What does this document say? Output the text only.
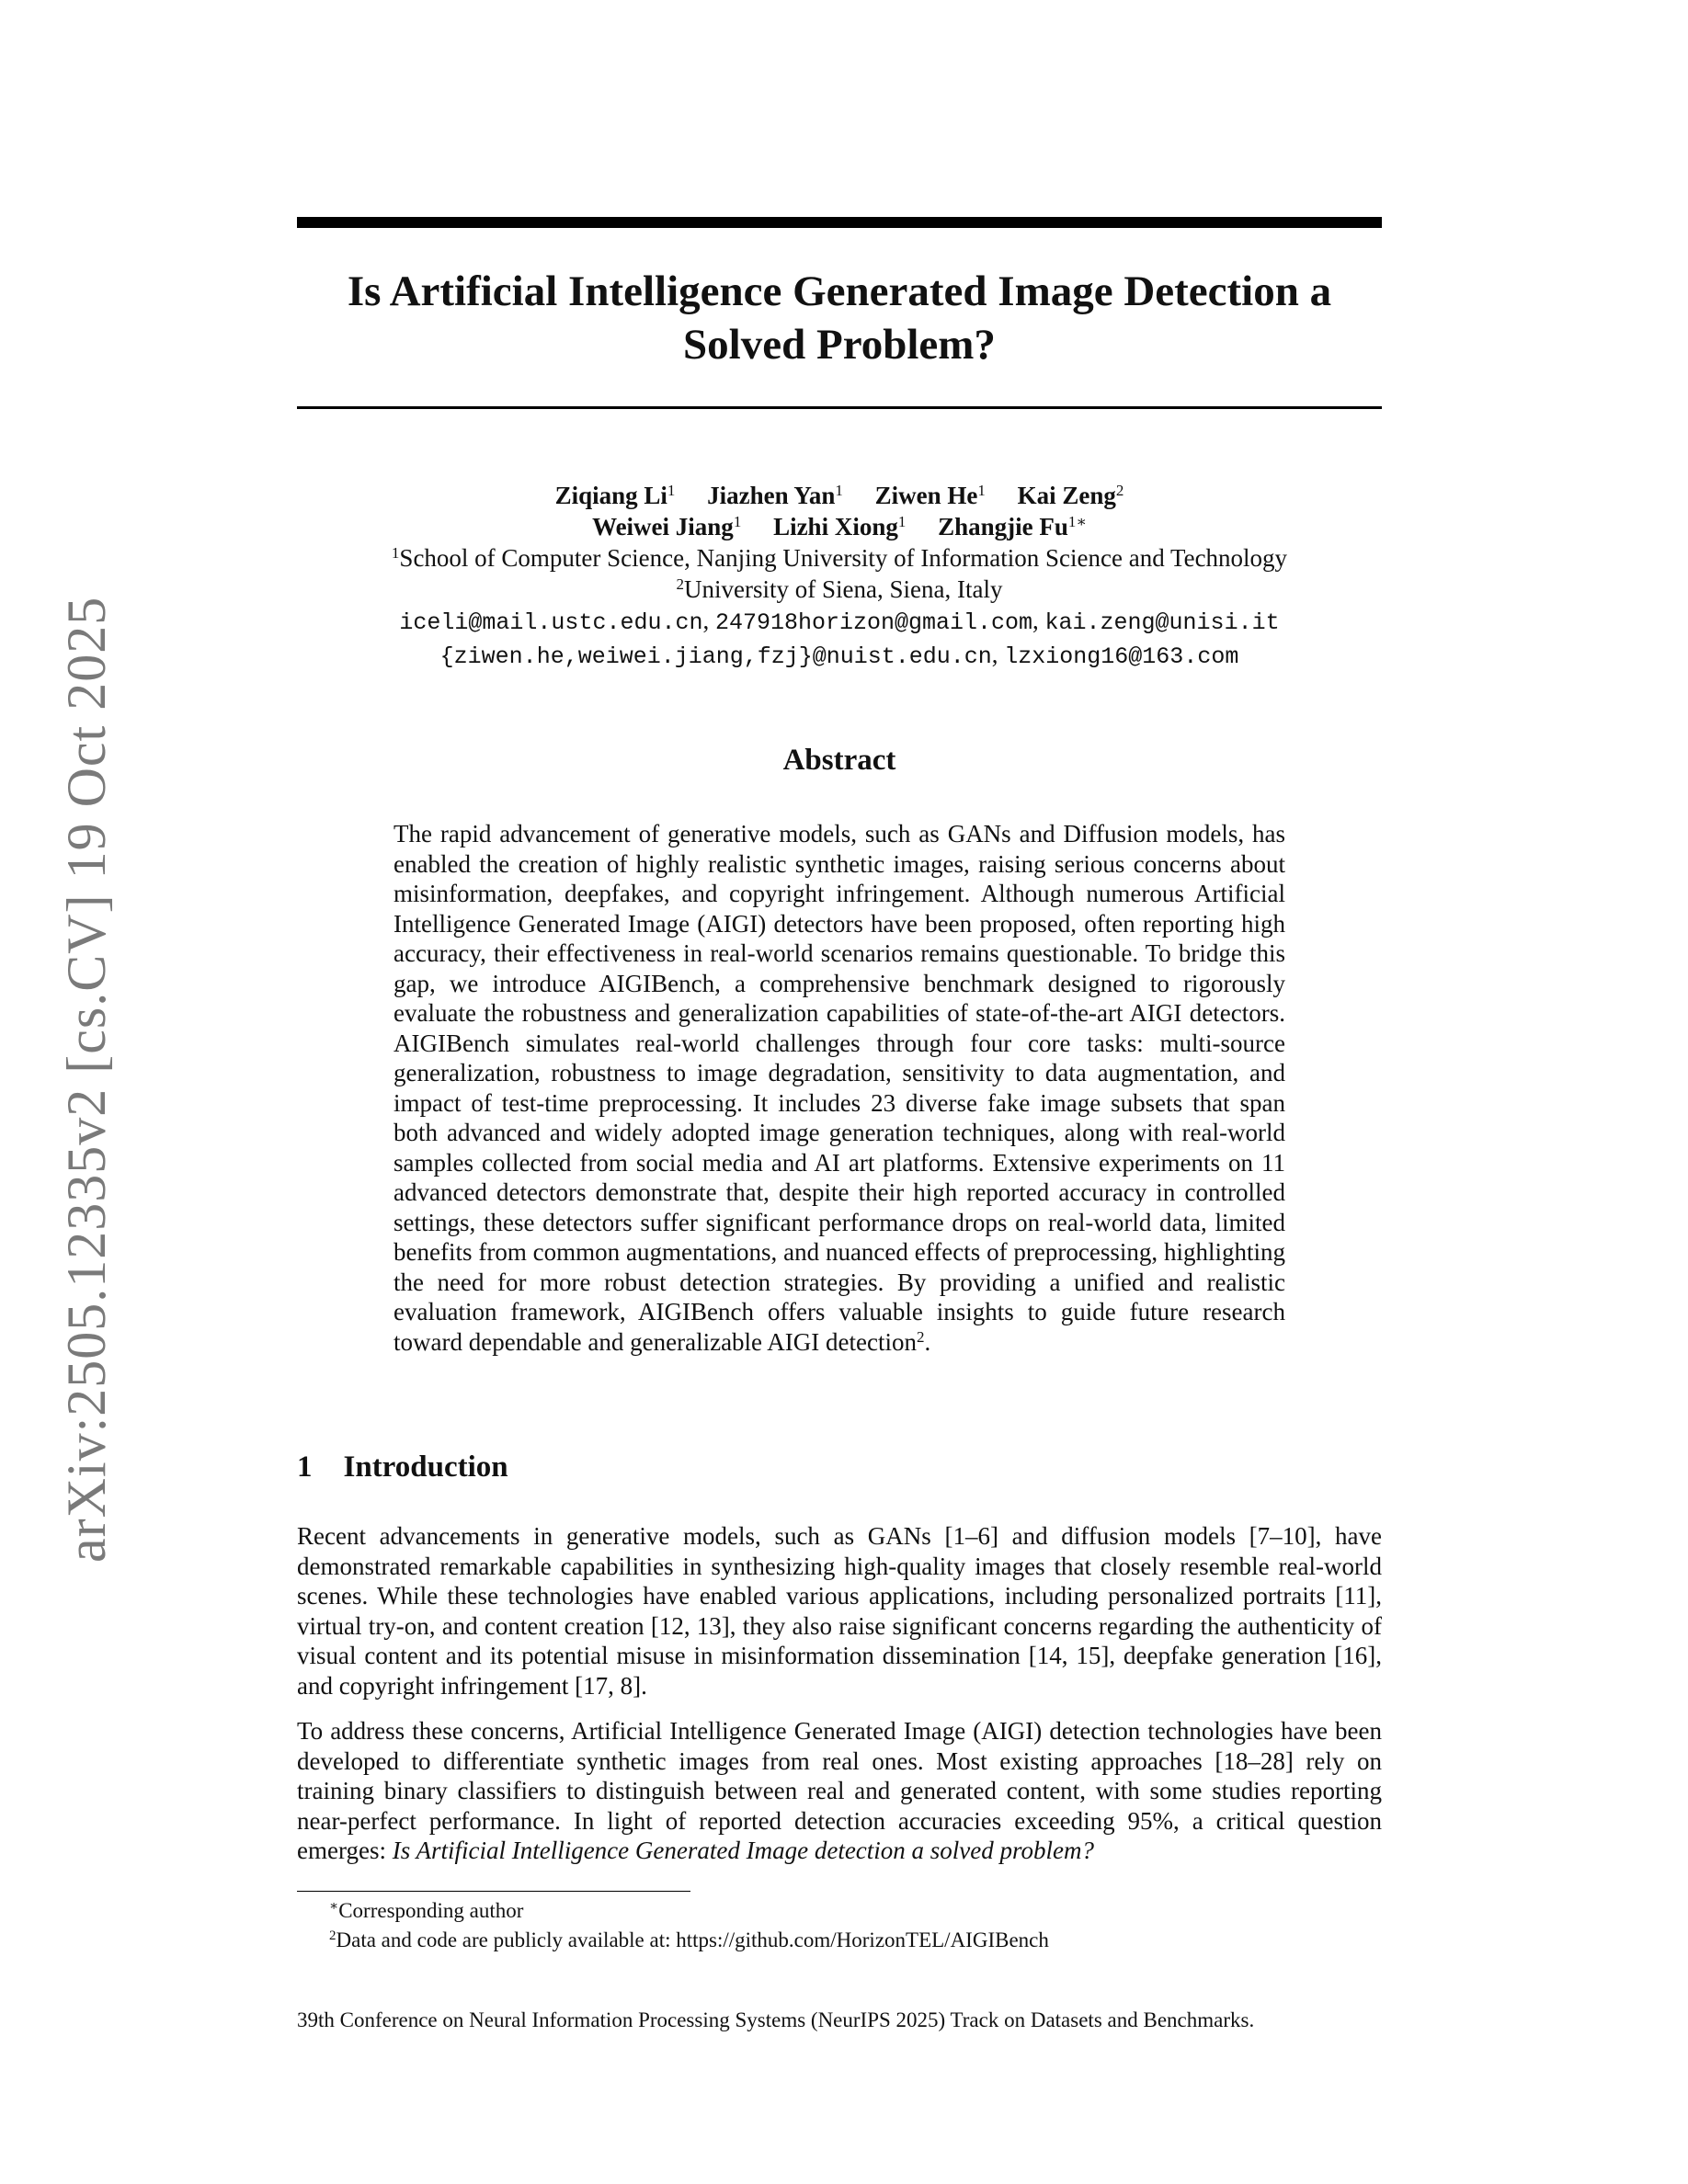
arXiv:2505.12335v2 [cs.CV] 19 Oct 2025
Is Artificial Intelligence Generated Image Detection a Solved Problem?
Ziqiang Li$^1$ Jiazhen Yan$^1$ Ziwen He$^1$ Kai Zeng$^2$
Weiwei Jiang$^1$ Lizhi Xiong$^1$ Zhangjie $Fu^{1∗}$
$^1$School of Computer Science, Nanjing University of Information Science and Technology
$^2$University of Siena, Siena, Italy
iceli@mail.ustc.edu.cn, 247918horizon@gmail.com, kai.zeng@unisi.it
{ziwen.he,weiwei.jiang,fzj}@nuist.edu.cn, lzxiong16@163.com
Abstract
The rapid advancement of generative models, such as GANs and Diffusion models, has enabled the creation of highly realistic synthetic images, raising serious concerns about misinformation, deepfakes, and copyright infringement. Although numerous Artificial Intelligence Generated Image (AIGI) detectors have been proposed, often reporting high accuracy, their effectiveness in real-world scenarios remains questionable. To bridge this gap, we introduce AIGIBench, a comprehensive benchmark designed to rigorously evaluate the robustness and generalization capabilities of state-of-the-art AIGI detectors. AIGIBench simulates real-world challenges through four core tasks: multi-source generalization, robustness to image degradation, sensitivity to data augmentation, and impact of test-time preprocessing. It includes 23 diverse fake image subsets that span both advanced and widely adopted image generation techniques, along with real-world samples collected from social media and AI art platforms. Extensive experiments on 11 advanced detectors demonstrate that, despite their high reported accuracy in controlled settings, these detectors suffer significant performance drops on real-world data, limited benefits from common augmentations, and nuanced effects of preprocessing, highlighting the need for more robust detection strategies. By providing a unified and realistic evaluation framework, AIGIBench offers valuable insights to guide future research toward dependable and generalizable AIGI detection$^2$.
1 Introduction
Recent advancements in generative models, such as GANs [1–6] and diffusion models [7–10], have demonstrated remarkable capabilities in synthesizing high-quality images that closely resemble real-world scenes. While these technologies have enabled various applications, including personalized portraits [11], virtual try-on, and content creation [12, 13], they also raise significant concerns regarding the authenticity of visual content and its potential misuse in misinformation dissemination [14, 15], deepfake generation [16], and copyright infringement [17, 8].
To address these concerns, Artificial Intelligence Generated Image (AIGI) detection technologies have been developed to differentiate synthetic images from real ones. Most existing approaches [18–28] rely on training binary classifiers to distinguish between real and generated content, with some studies reporting near-perfect performance. In light of reported detection accuracies exceeding 95%, a critical question emerges: Is Artificial Intelligence Generated Image detection a solved problem?
∗Corresponding author
$^2$Data and code are publicly available at: https://github.com/HorizonTEL/AIGIBench
39th Conference on Neural Information Processing Systems (NeurIPS 2025) Track on Datasets and Benchmarks.
